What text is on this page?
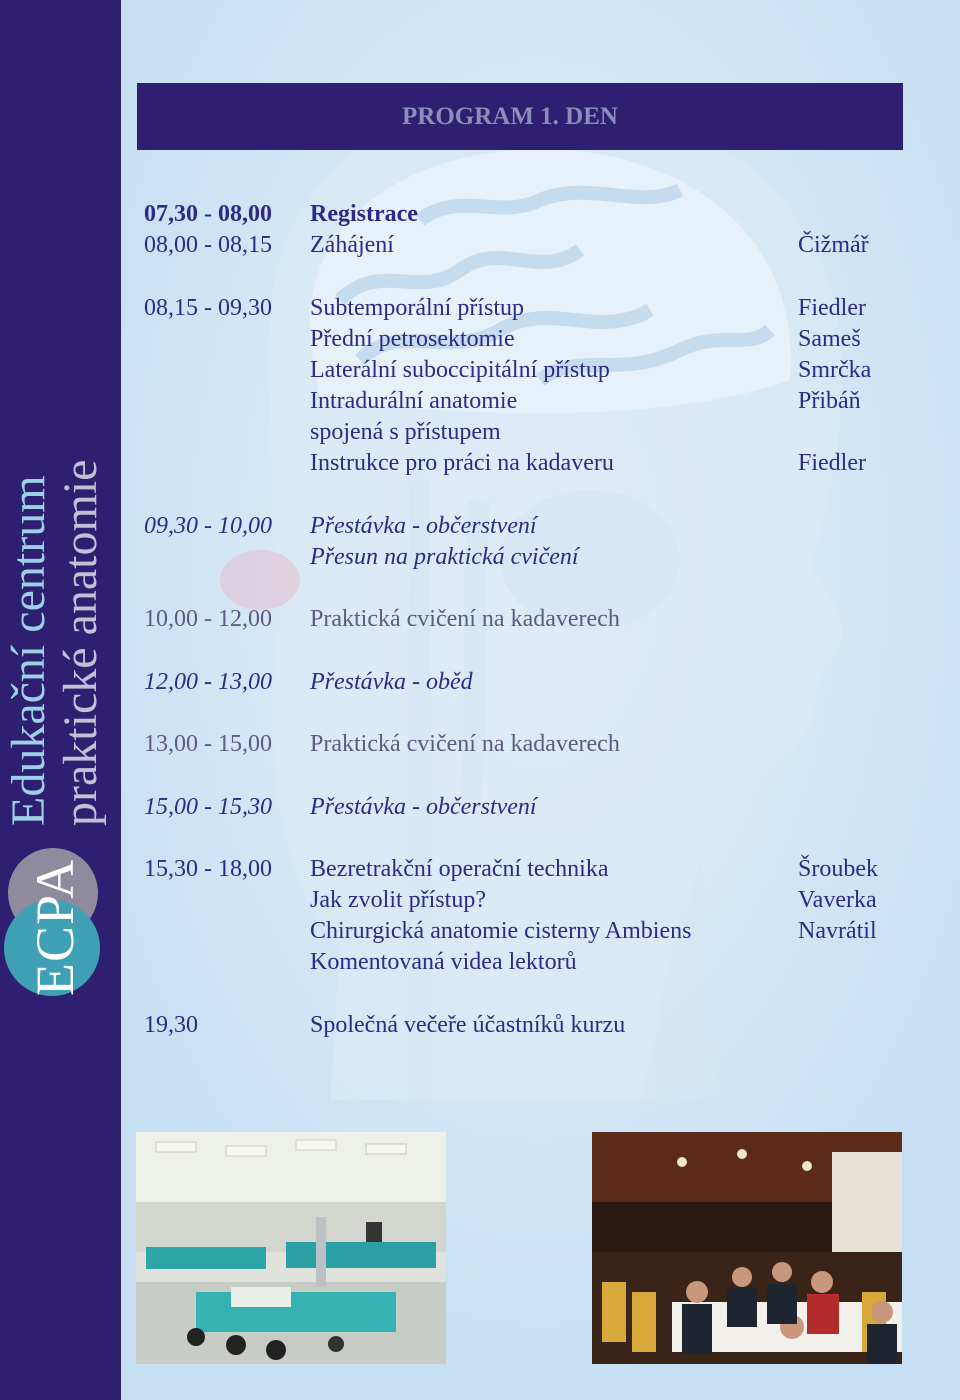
Edukační centrum praktické anatomie
ECPA
PROGRAM 1. DEN
07,30 - 08,00 Registrace
08,00 - 08,15 Záhájení	Čižmář
08,15 - 09,30 Subtemporální přístup	Fiedler
Přední petrosektomie	Sameš
Laterální suboccipitální přístup	Smrčka
Intradurální anatomie	Přibáň
spojená s přístupem
Instrukce pro práci na kadaveru	Fiedler
09,30 - 10,00 Přestávka - občerstvení
Přesun na praktická cvičení
10,00 - 12,00 Praktická cvičení na kadaverech
12,00 - 13,00 Přestávka - oběd
13,00 - 15,00 Praktická cvičení na kadaverech
15,00 - 15,30 Přestávka - občerstvení
15,30 - 18,00 Bezretrakční operační technika	Šroubek
Jak zvolit přístup?	Vaverka
Chirurgická anatomie cisterny Ambiens	Navrátil
Komentovaná videa lektorů
19,30	Společná večeře účastníků kurzu
